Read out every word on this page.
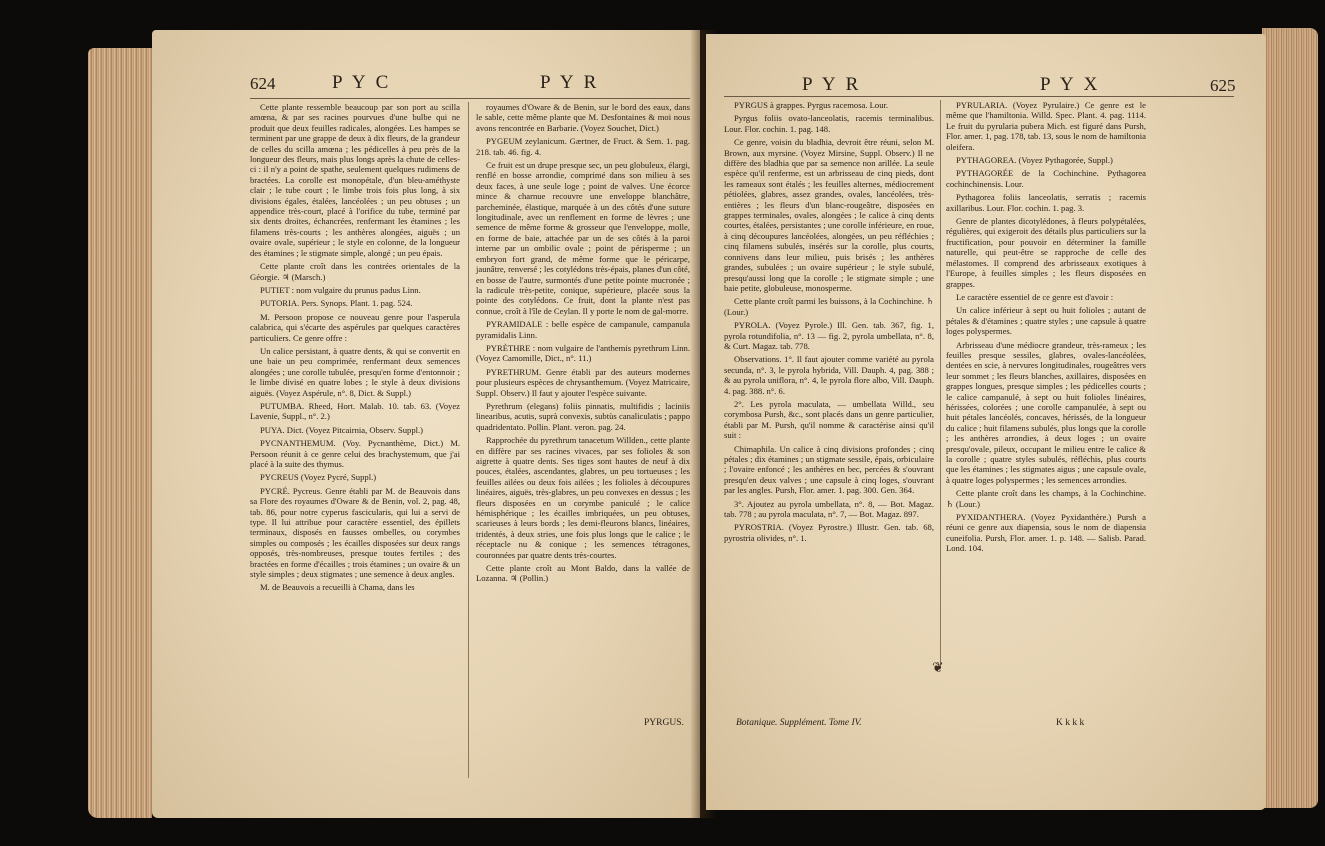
624	P Y C	P Y R

Cette plante ressemble beaucoup par son port au scilla amœna, & par ses racines pourvues d'une bulbe qui ne produit que deux feuilles radicales, alongées. Les hampes se terminent par une grappe de deux à dix fleurs, de la grandeur de celles du scilla amœna ; les pédicelles à peu près de la longueur des fleurs, mais plus longs après la chute de celles-ci : il n'y a point de spathe, seulement quelques rudimens de bractées. La corolle est monopétale, d'un bleu-améthyste clair ; le tube court ; le limbe trois fois plus long, à six divisions égales, étalées, lancéolées ; un peu obtuses ; un appendice très-court, placé à l'orifice du tube, terminé par six dents droites, échancrées, renfermant les étamines ; les filamens très-courts ; les anthères alongées, aiguës ; un ovaire ovale, supérieur ; le style en colonne, de la longueur des étamines ; le stigmate simple, alongé ; un peu épais.

Cette plante croît dans les contrées orientales de la Géorgie. ♃ (Marsch.)

PUTIET : nom vulgaire du prunus padus Linn.

PUTORIA. Pers. Synops. Plant. 1. pag. 524.

M. Persoon propose ce nouveau genre pour l'asperula calabrica, qui s'écarte des aspérules par quelques caractères particuliers. Ce genre offre :

Un calice persistant, à quatre dents, & qui se convertit en une baie un peu comprimée, renfermant deux semences alongées ; une corolle tubulée, presqu'en forme d'entonnoir ; le limbe divisé en quatre lobes ; le style à deux divisions aiguës. (Voyez Aspérule, n°. 8, Dict. & Suppl.)

PUTUMBA. Rheed, Hort. Malab. 10. tab. 63. (Voyez Lavenie, Suppl., n°. 2.)

PUYA. Dict. (Voyez Pitcairnia, Observ. Suppl.)

PYCNANTHEMUM. (Voy. Pycnanthème, Dict.) M. Persoon réunit à ce genre celui des brachystemum, que j'ai placé à la suite des thymus.

PYCREUS (Voyez Pycré, Suppl.)

PYCRÉ. Pycreus. Genre établi par M. de Beauvois dans sa Flore des royaumes d'Oware & de Benin, vol. 2, pag. 48, tab. 86, pour notre cyperus fascicularis, qui lui a servi de type. Il lui attribue pour caractère essentiel, des épillets terminaux, disposés en fausses ombelles, ou corymbes simples ou composés ; les écailles disposées sur deux rangs opposés, très-nombreuses, presque toutes fertiles ; des bractées en forme d'écailles ; trois étamines ; un ovaire & un style simples ; deux stigmates ; une semence à deux angles.

M. de Beauvois a recueilli à Chama, dans les

royaumes d'Oware & de Benin, sur le bord des eaux, dans le sable, cette même plante que M. Desfontaines & moi nous avons rencontrée en Barbarie. (Voyez Souchet, Dict.)

PYGEUM zeylanicum. Gærtner, de Fruct. & Sem. 1. pag. 218. tab. 46. fig. 4.

Ce fruit est un drupe presque sec, un peu globuleux, élargi, renflé en bosse arrondie, comprimé dans son milieu à ses deux faces, à une seule loge ; point de valves. Une écorce mince & charnue recouvre une enveloppe blanchâtre, parcheminée, élastique, marquée à un des côtés d'une suture longitudinale, avec un renflement en forme de lèvres ; une semence de même forme & grosseur que l'enveloppe, molle, en forme de baie, attachée par un de ses côtés à la paroi interne par un ombilic ovale ; point de périsperme ; un embryon fort grand, de même forme que le péricarpe, jaunâtre, renversé ; les cotylédons très-épais, planes d'un côté, en bosse de l'autre, surmontés d'une petite pointe mucronée ; la radicule très-petite, conique, supérieure, placée sous la pointe des cotylédons. Ce fruit, dont la plante n'est pas connue, croît à l'île de Ceylan. Il y porte le nom de gal-morre.

PYRAMIDALE : belle espèce de campanule, campanula pyramidalis Linn.

PYRÈTHRE : nom vulgaire de l'anthemis pyrethrum Linn. (Voyez Camomille, Dict., n°. 11.)

PYRETHRUM. Genre établi par des auteurs modernes pour plusieurs espèces de chrysanthemum. (Voyez Matricaire, Suppl. Observ.) Il faut y ajouter l'espèce suivante.

Pyrethrum (elegans) foliis pinnatis, multifidis ; laciniis linearibus, acutis, suprà convexis, subtùs canaliculatis ; pappo quadridentato. Pollin. Plant. veron. pag. 24.

Rapprochée du pyrethrum tanacetum Willden., cette plante en diffère par ses racines vivaces, par ses folioles & son aigrette à quatre dents. Ses tiges sont hautes de neuf à dix pouces, étalées, ascendantes, glabres, un peu tortueuses ; les feuilles ailées ou deux fois ailées ; les folioles à découpures linéaires, aiguës, très-glabres, un peu convexes en dessus ; les fleurs disposées en un corymbe paniculé ; le calice hémisphérique ; les écailles imbriquées, un peu obtuses, scarieuses à leurs bords ; les demi-fleurons blancs, linéaires, tridentés, à deux stries, une fois plus longs que le calice ; le réceptacle nu & conique ; les semences tétragones, couronnées par quatre dents très-courtes.

Cette plante croît au Mont Baldo, dans la vallée de Lozanna. ♃ (Pollin.)

PYRGUS.
P Y R	P Y X	625

PYRGUS à grappes. Pyrgus racemosa. Lour.

Pyrgus foliis ovato-lanceolatis, racemis terminalibus. Lour. Flor. cochin. 1. pag. 148.

Ce genre, voisin du bladhia, devroit être réuni, selon M. Brown, aux myrsine. (Voyez Mirsine, Suppl. Observ.) Il ne diffère des bladhia que par sa semence non arillée. La seule espèce qu'il renferme, est un arbrisseau de cinq pieds, dont les rameaux sont étalés ; les feuilles alternes, médiocrement pétiolées, glabres, assez grandes, ovales, lancéolées, très-entières ; les fleurs d'un blanc-rougeâtre, disposées en grappes terminales, ovales, alongées ; le calice à cinq dents courtes, étalées, persistantes ; une corolle inférieure, en roue, à cinq découpures lancéolées, alongées, un peu réfléchies ; cinq filamens subulés, insérés sur la corolle, plus courts, connivens dans leur milieu, puis brisés ; les anthères grandes, subulées ; un ovaire supérieur ; le style subulé, presqu'aussi long que la corolle ; le stigmate simple ; une baie petite, globuleuse, monosperme.

Cette plante croît parmi les buissons, à la Cochinchine. ♄ (Lour.)

PYROLA. (Voyez Pyrole.) Ill. Gen. tab. 367, fig. 1, pyrola rotundifolia, n°. 13 — fig. 2, pyrola umbellata, n°. 8, & Curt. Magaz. tab. 778.

Observations. 1°. Il faut ajouter comme variété au pyrola secunda, n°. 3, le pyrola hybrida, Vill. Dauph. 4, pag. 388 ; & au pyrola uniflora, n°. 4, le pyrola flore albo, Vill. Dauph. 4. pag. 388. n°. 6.

2°. Les pyrola maculata, — umbellata Willd., seu corymbosa Pursh, &c., sont placés dans un genre particulier, établi par M. Pursh, qu'il nomme & caractérise ainsi qu'il suit :

Chimaphila. Un calice à cinq divisions profondes ; cinq pétales ; dix étamines ; un stigmate sessile, épais, orbiculaire ; l'ovaire enfoncé ; les anthères en bec, percées & s'ouvrant presqu'en deux valves ; une capsule à cinq loges, s'ouvrant par les angles. Pursh, Flor. amer. 1. pag. 300. Gen. 364.

3°. Ajoutez au pyrola umbellata, n°. 8, — Bot. Magaz. tab. 778 ; au pyrola maculata, n°. 7, — Bot. Magaz. 897.

PYROSTRIA. (Voyez Pyrostre.) Illustr. Gen. tab. 68, pyrostria olivides, n°. 1.

PYRULARIA. (Voyez Pyrulaire.) Ce genre est le même que l'hamiltonia. Willd. Spec. Plant. 4. pag. 1114. Le fruit du pyrularia pubera Mich. est figuré dans Pursh, Flor. amer. 1, pag. 178, tab. 13, sous le nom de hamiltonia oleifera.

PYTHAGOREA. (Voyez Pythagorée, Suppl.)

PYTHAGORÉE de la Cochinchine. Pythagorea cochinchinensis. Lour.

Pythagorea foliis lanceolatis, serratis ; racemis axillaribus. Lour. Flor. cochin. 1. pag. 3.

Genre de plantes dicotylédones, à fleurs polypétalées, régulières, qui exigeroit des détails plus particuliers sur la fructification, pour pouvoir en déterminer la famille naturelle, qui peut-être se rapproche de celle des mélastomes. Il comprend des arbrisseaux exotiques à l'Europe, à feuilles simples ; les fleurs disposées en grappes.

Le caractère essentiel de ce genre est d'avoir :

Un calice inférieur à sept ou huit folioles ; autant de pétales & d'étamines ; quatre styles ; une capsule à quatre loges polyspermes.

Arbrisseau d'une médiocre grandeur, très-rameux ; les feuilles presque sessiles, glabres, ovales-lancéolées, dentées en scie, à nervures longitudinales, rougeâtres vers leur sommet ; les fleurs blanches, axillaires, disposées en grappes longues, presque simples ; les pédicelles courts ; le calice campanulé, à sept ou huit folioles linéaires, hérissées, colorées ; une corolle campanulée, à sept ou huit pétales lancéolés, concaves, hérissés, de la longueur du calice ; huit filamens subulés, plus longs que la corolle ; les anthères arrondies, à deux loges ; un ovaire presqu'ovale, pileux, occupant le milieu entre le calice & la corolle ; quatre styles subulés, réfléchis, plus courts que les étamines ; les stigmates aigus ; une capsule ovale, à quatre loges polyspermes ; les semences arrondies.

Cette plante croît dans les champs, à la Cochinchine. ♄ (Lour.)

PYXIDANTHERA. (Voyez Pyxidanthère.) Pursh a réuni ce genre aux diapensia, sous le nom de diapensia cuneifolia. Pursh, Flor. amer. 1. p. 148. — Salisb. Parad. Lond. 104.

❦
Botanique. Supplément. Tome IV.	K k k k
